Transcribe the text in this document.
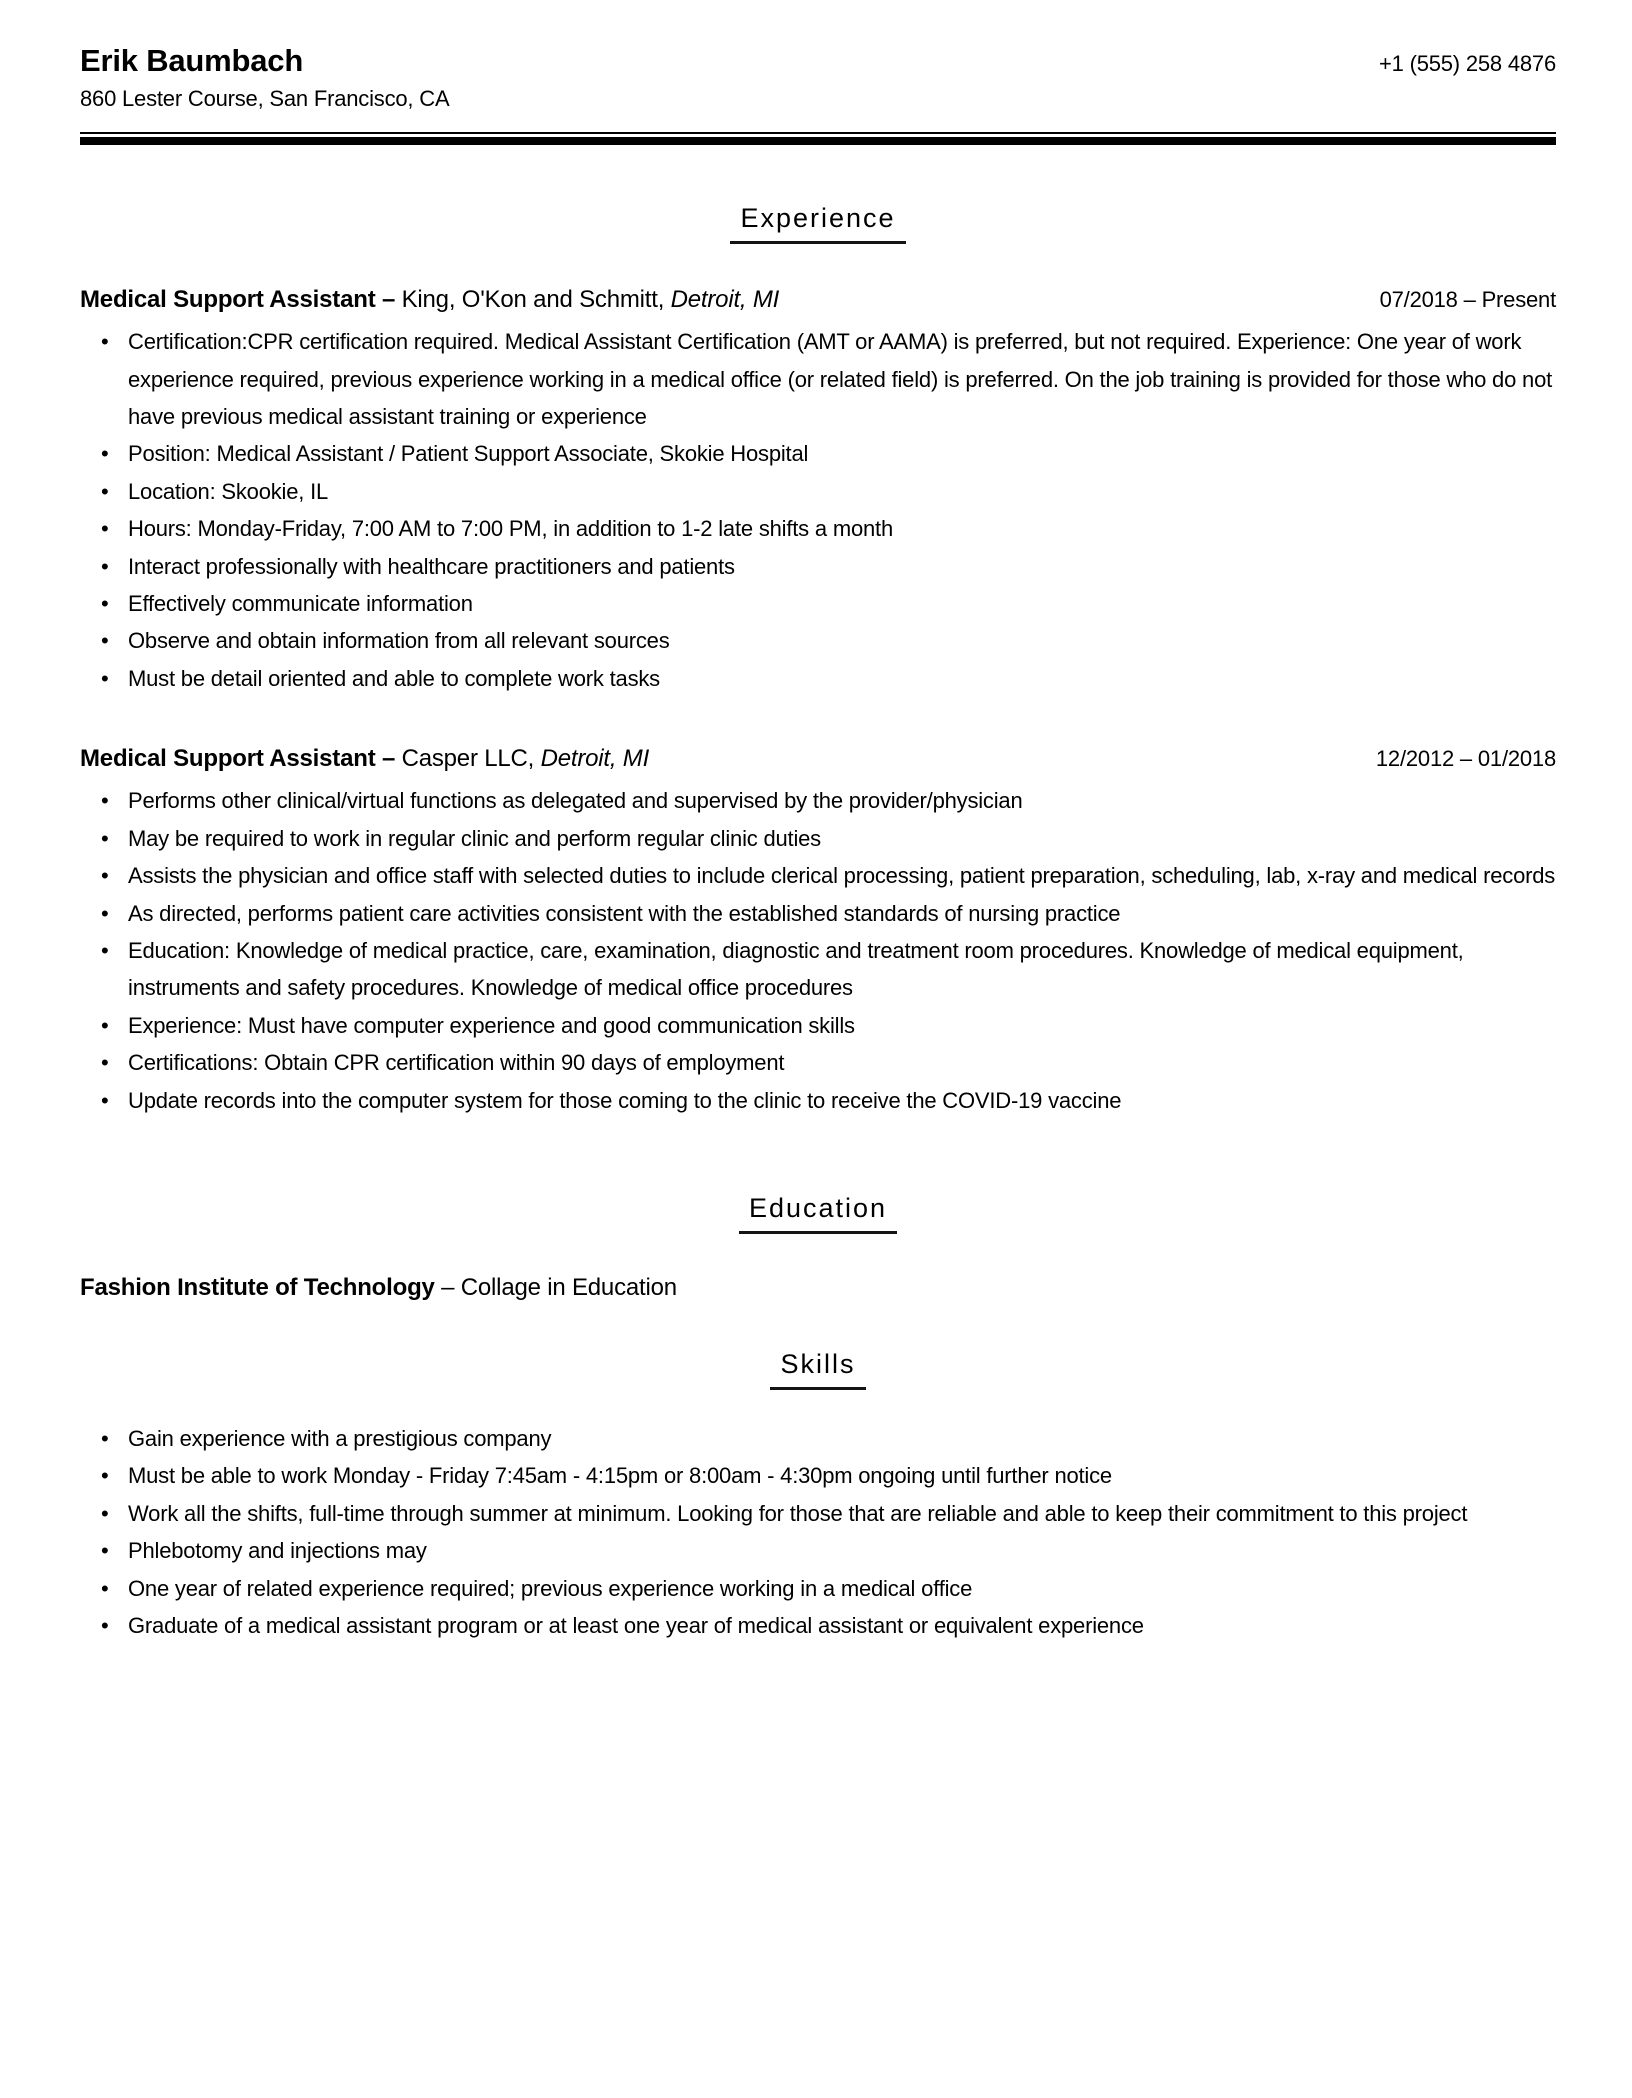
Erik Baumbach
860 Lester Course, San Francisco, CA
+1 (555) 258 4876
Experience
Medical Support Assistant – King, O'Kon and Schmitt, Detroit, MI	07/2018 – Present
• Certification:CPR certification required. Medical Assistant Certification (AMT or AAMA) is preferred, but not required. Experience: One year of work experience required, previous experience working in a medical office (or related field) is preferred. On the job training is provided for those who do not have previous medical assistant training or experience
• Position: Medical Assistant / Patient Support Associate, Skokie Hospital
• Location: Skookie, IL
• Hours: Monday-Friday, 7:00 AM to 7:00 PM, in addition to 1-2 late shifts a month
• Interact professionally with healthcare practitioners and patients
• Effectively communicate information
• Observe and obtain information from all relevant sources
• Must be detail oriented and able to complete work tasks
Medical Support Assistant – Casper LLC, Detroit, MI	12/2012 – 01/2018
• Performs other clinical/virtual functions as delegated and supervised by the provider/physician
• May be required to work in regular clinic and perform regular clinic duties
• Assists the physician and office staff with selected duties to include clerical processing, patient preparation, scheduling, lab, x-ray and medical records
• As directed, performs patient care activities consistent with the established standards of nursing practice
• Education: Knowledge of medical practice, care, examination, diagnostic and treatment room procedures. Knowledge of medical equipment, instruments and safety procedures. Knowledge of medical office procedures
• Experience: Must have computer experience and good communication skills
• Certifications: Obtain CPR certification within 90 days of employment
• Update records into the computer system for those coming to the clinic to receive the COVID-19 vaccine
Education
Fashion Institute of Technology – Collage in Education
Skills
• Gain experience with a prestigious company
• Must be able to work Monday - Friday 7:45am - 4:15pm or 8:00am - 4:30pm ongoing until further notice
• Work all the shifts, full-time through summer at minimum. Looking for those that are reliable and able to keep their commitment to this project
• Phlebotomy and injections may
• One year of related experience required; previous experience working in a medical office
• Graduate of a medical assistant program or at least one year of medical assistant or equivalent experience
